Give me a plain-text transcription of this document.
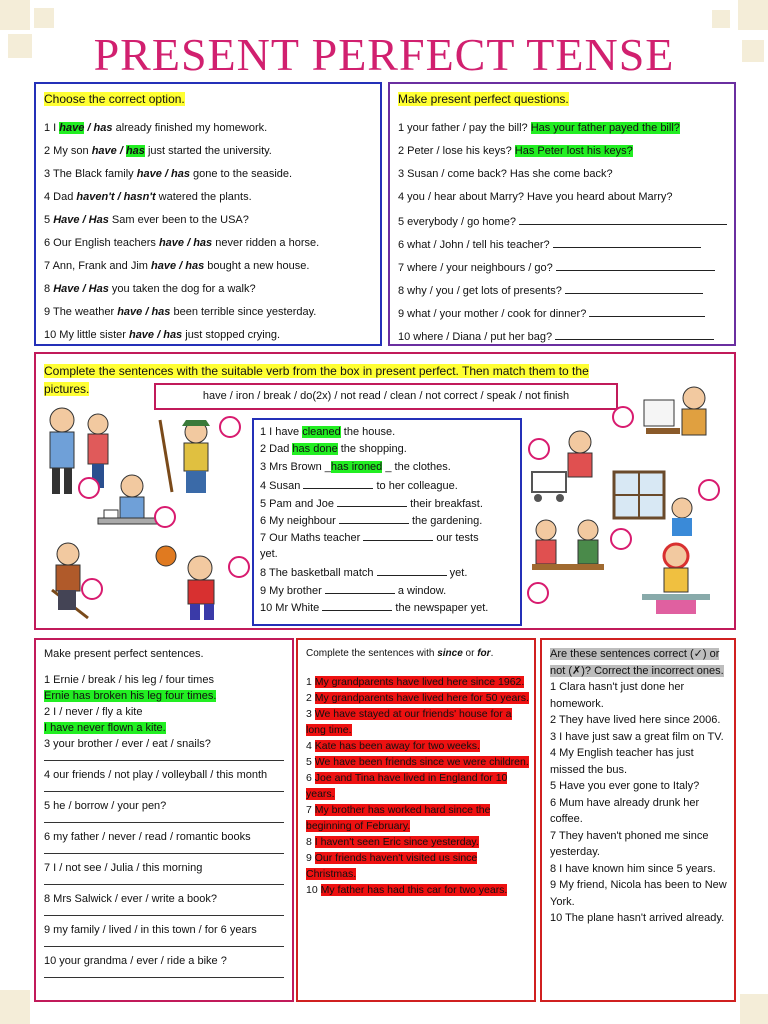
PRESENT PERFECT TENSE
Choose the correct option.
1 I have / has already finished my homework.
2 My son have / has just started the university.
3 The Black family have / has gone to the seaside.
4 Dad haven't / hasn't watered the plants.
5 Have / Has Sam ever been to the USA?
6 Our English teachers have / has never ridden a horse.
7 Ann, Frank and Jim have / has bought a new house.
8 Have / Has you taken the dog for a walk?
9 The weather have / has been terrible since yesterday.
10 My little sister have / has just stopped crying.
Make present perfect questions.
1 your father / pay the bill? Has your father payed the bill?
2 Peter / lose his keys? Has Peter lost his keys?
3 Susan / come back? Has she come back?
4 you / hear about Marry? Have you heard about Marry?
5 everybody / go home?
6 what / John / tell his teacher?
7 where / your neighbours / go?
8 why / you / get lots of presents?
9 what / your mother / cook for dinner?
10 where / Diana / put her bag?
Complete the sentences with the suitable verb from the box in present perfect. Then match them to the
pictures.	have / iron / break / do(2x) / not read / clean / not correct / speak / not finish
1 I have cleaned the house.
2 Dad has done the shopping.
3 Mrs Brown _has ironed _ the clothes.
4 Susan	to her colleague.
5 Pam and Joe	their breakfast.
6 My neighbour	the gardening.
7 Our Maths teacher	our tests
yet.
8 The basketball match	yet.
9 My brother	a window.
10 Mr White	the newspaper yet.

Make present perfect sentences.

1 Ernie / break / his leg / four times

Ernie has broken his leg four times.

2 I / never / fly a kite

I have never flown a kite.

3 your brother / ever / eat / snails?

4 our friends / not play / volleyball / this month

5 he / borrow / your pen?

6 my father / never / read / romantic books

7 I / not see / Julia / this morning

8 Mrs Salwick / ever / write a book?

9 my family / lived / in this town / for 6 years

10 your grandma / ever / ride a bike ?

Complete the sentences with since or for.

1 My grandparents have lived here since 1962.

2 My grandparents have lived here for 50 years.

3 We have stayed at our friends' house for a long time.

4 Kate has been away for two weeks.

5 We have been friends since we were children.

6 Joe and Tina have lived in England for 10 years.

7 My brother has worked hard since the beginning of February.

8 I haven't seen Eric since yesterday.

9 Our friends haven't visited us since Christmas.

10 My father has had this car for two years.

Are these sentences correct (✓) or not (✗)? Correct the incorrect ones.

1 Clara hasn't just done her homework.

2 They have lived here since 2006.

3 I have just saw a great film on TV.

4 My English teacher has just missed the bus.

5 Have you ever gone to Italy?

6 Mum have already drunk her coffee.

7 They haven't phoned me since yesterday.

8 I have known him since 5 years.

9 My friend, Nicola has been to New York.

10 The plane hasn't arrived already.
